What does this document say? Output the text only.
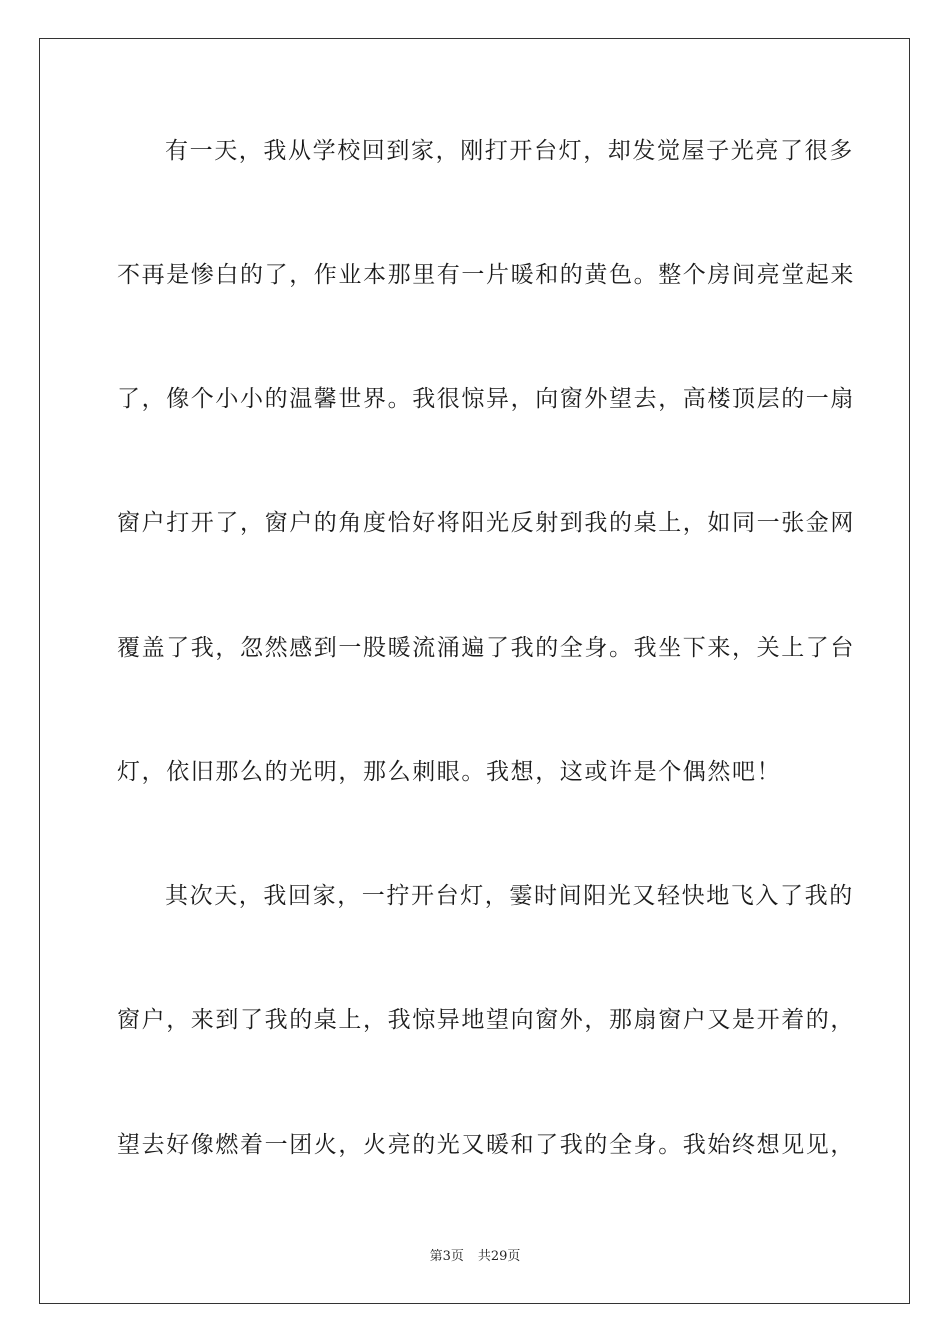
有一天，我从学校回到家，刚打开台灯，却发觉屋子光亮了很多
不再是惨白的了，作业本那里有一片暖和的黄色。整个房间亮堂起来
了，像个小小的温馨世界。我很惊异，向窗外望去，高楼顶层的一扇
窗户打开了，窗户的角度恰好将阳光反射到我的桌上，如同一张金网
覆盖了我，忽然感到一股暖流涌遍了我的全身。我坐下来，关上了台
灯，依旧那么的光明，那么刺眼。我想，这或许是个偶然吧！
其次天，我回家，一拧开台灯，霎时间阳光又轻快地飞入了我的
窗户，来到了我的桌上，我惊异地望向窗外，那扇窗户又是开着的，
望去好像燃着一团火，火亮的光又暖和了我的全身。我始终想见见，
第3页 共29页
